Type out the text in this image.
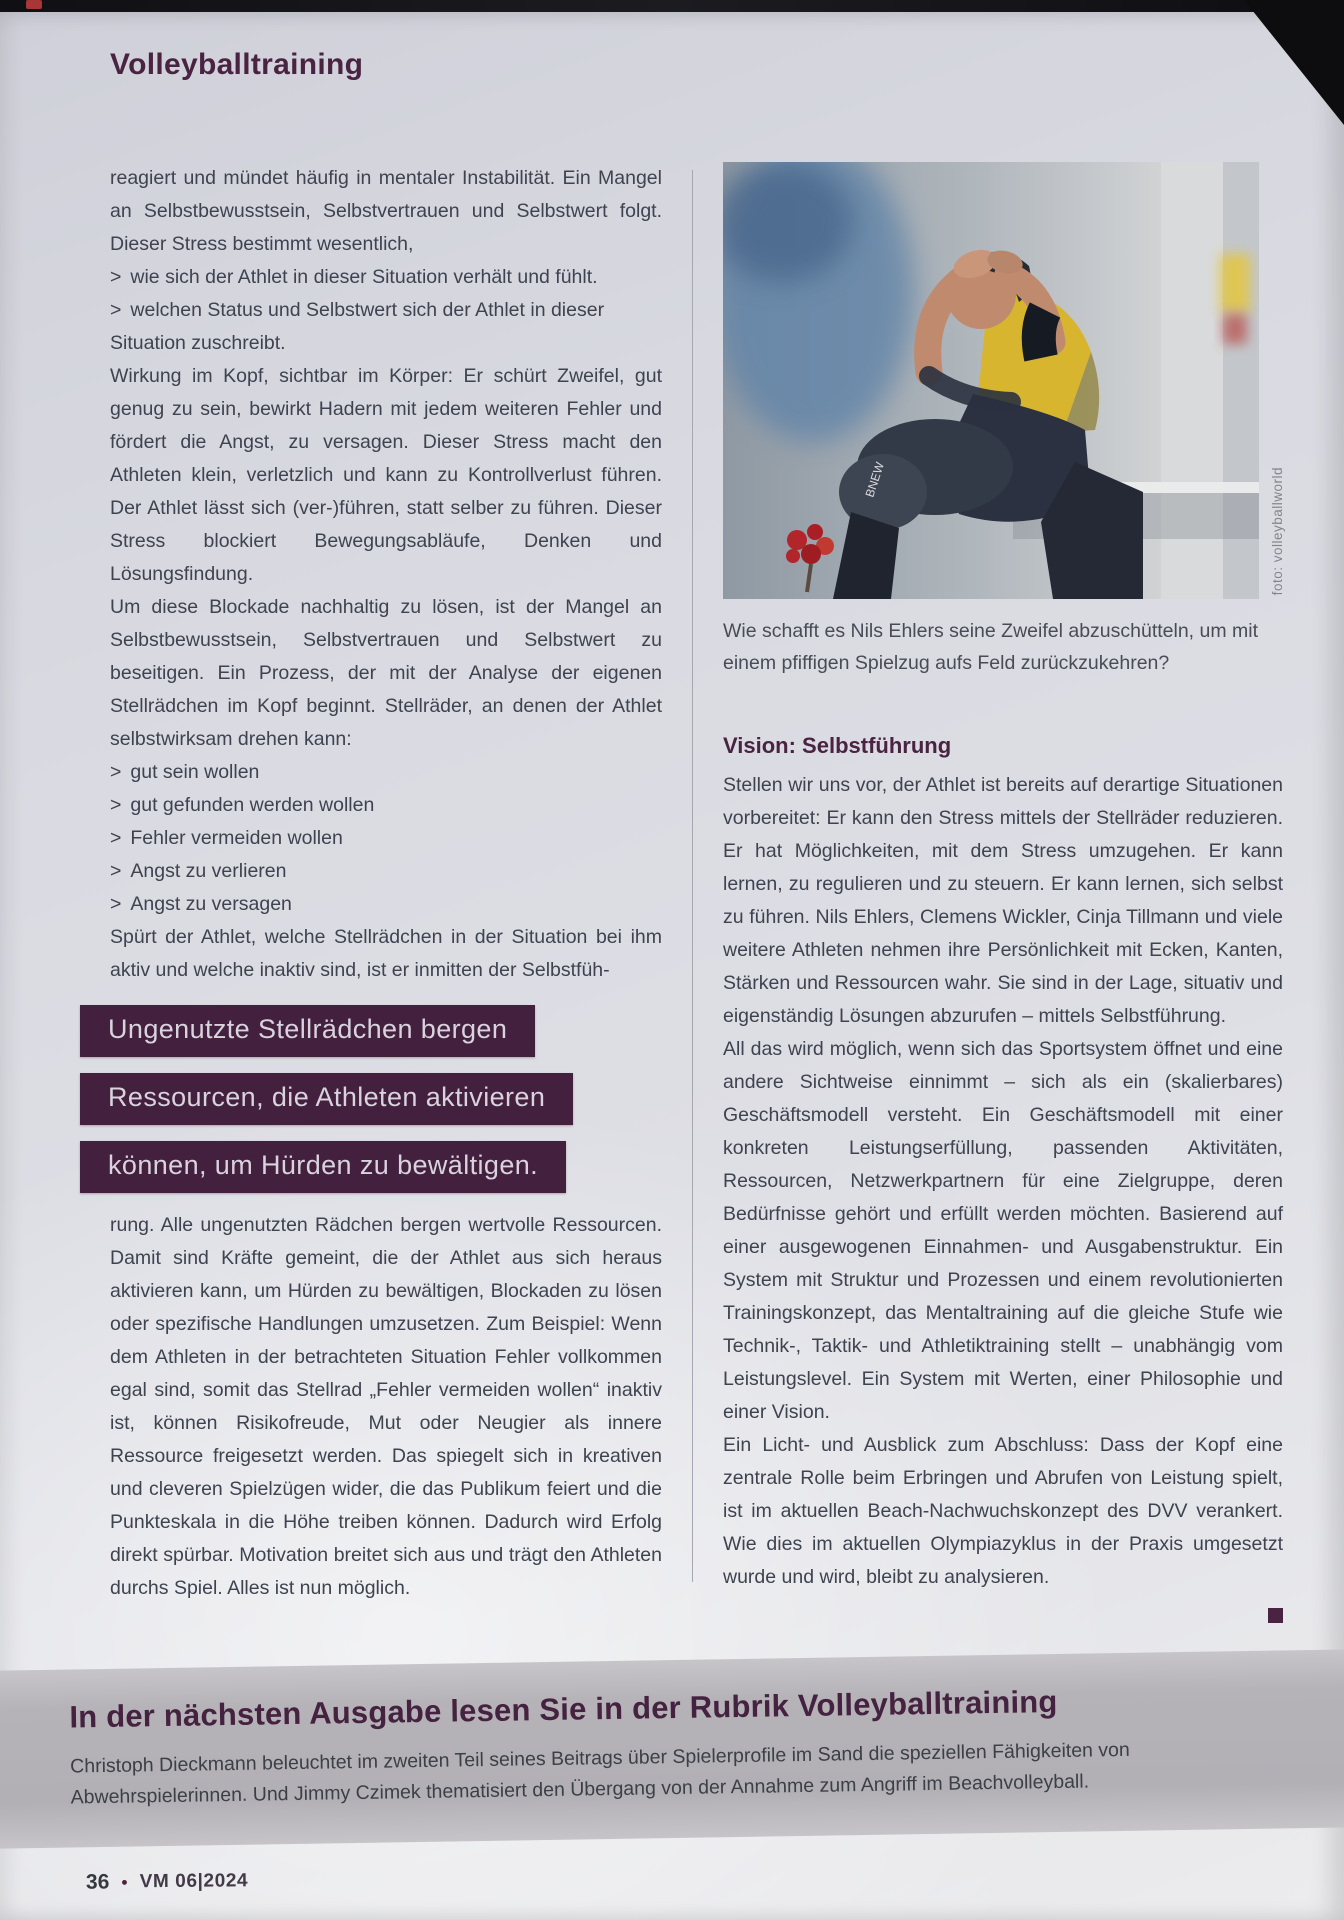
Volleyballtraining

reagiert und mündet häufig in mentaler Instabilität. Ein Mangel an Selbstbewusstsein, Selbstvertrauen und Selbstwert folgt. Dieser Stress bestimmt wesentlich,

> wie sich der Athlet in dieser Situation verhält und fühlt.

> welchen Status und Selbstwert sich der Athlet in dieser Situation zuschreibt.

Wirkung im Kopf, sichtbar im Körper: Er schürt Zweifel, gut genug zu sein, bewirkt Hadern mit jedem weiteren Fehler und fördert die Angst, zu versagen. Dieser Stress macht den Athleten klein, verletzlich und kann zu Kontrollverlust führen. Der Athlet lässt sich (ver-)führen, statt selber zu führen. Dieser Stress blockiert Bewegungsabläufe, Denken und Lösungsfindung.

Um diese Blockade nachhaltig zu lösen, ist der Mangel an Selbstbewusstsein, Selbstvertrauen und Selbstwert zu beseitigen. Ein Prozess, der mit der Analyse der eigenen Stellrädchen im Kopf beginnt. Stellräder, an denen der Athlet selbstwirksam drehen kann:

> gut sein wollen

> gut gefunden werden wollen

> Fehler vermeiden wollen

> Angst zu verlieren

> Angst zu versagen

Spürt der Athlet, welche Stellrädchen in der Situation bei ihm aktiv und welche inaktiv sind, ist er inmitten der Selbstfüh-

Ungenutzte Stellrädchen bergen
Ressourcen, die Athleten aktivieren
können, um Hürden zu bewältigen.

rung. Alle ungenutzten Rädchen bergen wertvolle Ressourcen. Damit sind Kräfte gemeint, die der Athlet aus sich heraus aktivieren kann, um Hürden zu bewältigen, Blockaden zu lösen oder spezifische Handlungen umzusetzen. Zum Beispiel: Wenn dem Athleten in der betrachteten Situation Fehler vollkommen egal sind, somit das Stellrad „Fehler vermeiden wollen“ inaktiv ist, können Risikofreude, Mut oder Neugier als innere Ressource freigesetzt werden. Das spiegelt sich in kreativen und cleveren Spielzügen wider, die das Publikum feiert und die Punkteskala in die Höhe treiben können. Dadurch wird Erfolg direkt spürbar. Motivation breitet sich aus und trägt den Athleten durchs Spiel. Alles ist nun möglich.

BNEW	foto: volleyballworld
Wie schafft es Nils Ehlers seine Zweifel abzuschütteln, um mit einem pfiffigen Spielzug aufs Feld zurückzukehren?
Vision: Selbstführung

Stellen wir uns vor, der Athlet ist bereits auf derartige Situationen vorbereitet: Er kann den Stress mittels der Stellräder reduzieren. Er hat Möglichkeiten, mit dem Stress umzugehen. Er kann lernen, zu regulieren und zu steuern. Er kann lernen, sich selbst zu führen. Nils Ehlers, Clemens Wickler, Cinja Tillmann und viele weitere Athleten nehmen ihre Persönlichkeit mit Ecken, Kanten, Stärken und Ressourcen wahr. Sie sind in der Lage, situativ und eigenständig Lösungen abzurufen – mittels Selbstführung.

All das wird möglich, wenn sich das Sportsystem öffnet und eine andere Sichtweise einnimmt – sich als ein (skalierbares) Geschäftsmodell versteht. Ein Geschäftsmodell mit einer konkreten Leistungserfüllung, passenden Aktivitäten, Ressourcen, Netzwerkpartnern für eine Zielgruppe, deren Bedürfnisse gehört und erfüllt werden möchten. Basierend auf einer ausgewogenen Einnahmen- und Ausgabenstruktur. Ein System mit Struktur und Prozessen und einem revolutionierten Trainingskonzept, das Mentaltraining auf die gleiche Stufe wie Technik-, Taktik- und Athletiktraining stellt – unabhängig vom Leistungslevel. Ein System mit Werten, einer Philosophie und einer Vision.

Ein Licht- und Ausblick zum Abschluss: Dass der Kopf eine zentrale Rolle beim Erbringen und Abrufen von Leistung spielt, ist im aktuellen Beach-Nachwuchskonzept des DVV verankert. Wie dies im aktuellen Olympiazyklus in der Praxis umgesetzt wurde und wird, bleibt zu analysieren.

In der nächsten Ausgabe lesen Sie in der Rubrik Volleyballtraining
Christoph Dieckmann beleuchtet im zweiten Teil seines Beitrags über Spielerprofile im Sand die speziellen Fähigkeiten von Abwehrspielerinnen. Und Jimmy Czimek thematisiert den Übergang von der Annahme zum Angriff im Beachvolleyball.
36 • VM 06|2024
